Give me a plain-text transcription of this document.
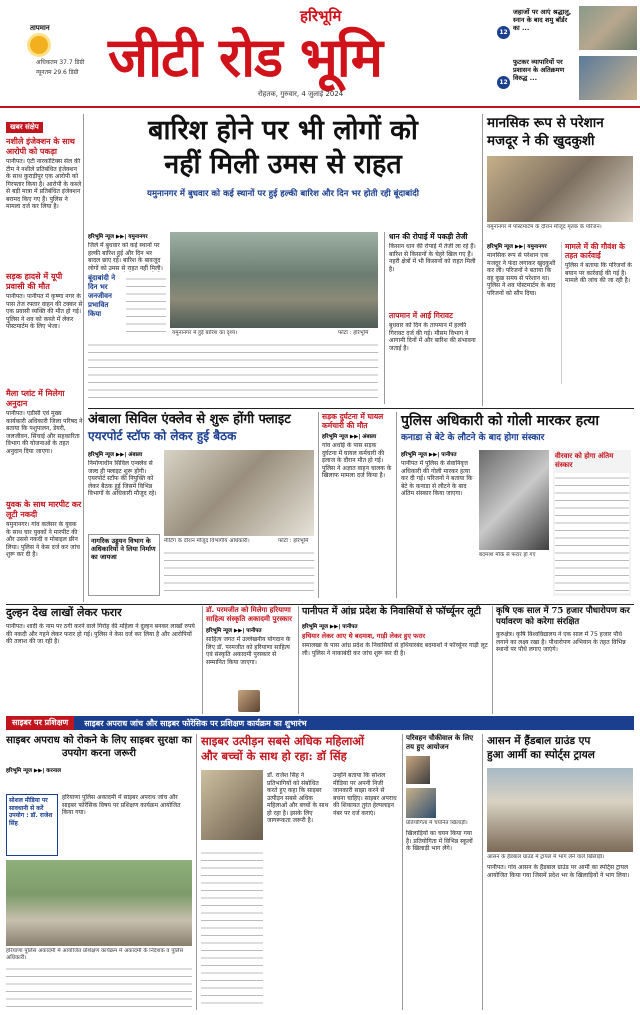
तापमान
अधिकतम 37.7 डिग्री
न्यूनतम 29.6 डिग्री
हरिभूमि
जीटी रोड भूमि
रोहतक, गुरुवार, 4 जुलाई 2024
12
जहाजों पर आएं श्रद्धालु, स्नान के बाद शमु बॉर्डर का ...
12
फुटकर व्यापारियों पर प्रशासन के अतिक्रमण विरुद्ध ...
खबर संक्षेप
नशीले इंजेक्शन के साथ आरोपी को पकड़ा
पानीपत। एंटी नारकोटिक्स सेल की टीम ने नशीले प्रतिबंधित इंजेक्शन के साथ कुराड़ीपुर एक आरोपी को गिरफ्तार किया है। आरोपी के कब्जे से बड़ी मात्रा में प्रतिबंधित इंजेक्शन बरामद किए गए हैं। पुलिस ने मामला दर्ज कर लिया है।
सड़क हादसे में यूपी प्रवासी की मौत
पानीपत। पानीपत में कृष्णा नगर के पास तेज रफ्तार वाहन की टक्कर से एक प्रवासी व्यक्ति की मौत हो गई। पुलिस ने शव को कब्जे में लेकर पोस्टमार्टम के लिए भेजा।
मैला प्लांट में मिलेगा अनुदान
पानीपत। एडीसी एवं मुख्य कार्यकारी अधिकारी जिला परिषद ने बताया कि पशुपालन, डेयरी, जलजीवन, सिंचाई और सहकारिता विभाग की योजनाओं के तहत अनुदान दिया जाएगा।
युवक के साथ मारपीट कर लूटी नकदी
यमुनानगर। गांव कलेसर के युवक के साथ चार युवकों ने मारपीट की और उससे नकदी व मोबाइल छीन लिया। पुलिस ने केस दर्ज कर जांच शुरू कर दी है।
बारिश होने पर भी लोगों को
नहीं मिली उमस से राहत
यमुनानगर में बुधवार को कई स्थानों पर हुई हल्की बारिश और दिन भर होती रही बूंदाबांदी
हरिभूमि न्यूज ▶▶| यमुनानगर
जिले में बुधवार को कई स्थानों पर हल्की बारिश हुई और दिन भर बादल छाए रहे। बारिश के बावजूद लोगों को उमस से राहत नहीं मिली।
बूंदाबांदी ने दिन भर जनजीवन प्रभावित किया
यमुनानगर में हुई बारिश का दृश्य।	फोटो : हरिभूमि
धान की रोपाई में पकड़ी तेजी
किसान धान की रोपाई में तेजी ला रहे हैं। बारिश से किसानों के चेहरे खिल गए हैं। नहरी क्षेत्रों में भी किसानों को राहत मिली है।
तापमान में आई गिरावट
बुधवार को दिन के तापमान में हल्की गिरावट दर्ज की गई। मौसम विभाग ने आगामी दिनों में और बारिश की संभावना जताई है।
मानसिक रूप से परेशान
मजदूर ने की खुदकुशी
यमुनानगर में पोस्टमार्टम के दौरान मौजूद मृतक के परिजन।
हरिभूमि न्यूज ▶▶| यमुनानगर
मानसिक रूप से परेशान एक मजदूर ने फंदा लगाकर खुदकुशी कर ली। परिजनों ने बताया कि वह कुछ समय से परेशान था। पुलिस ने शव पोस्टमार्टम के बाद परिजनों को सौंप दिया।
मामले में की गौवंश के तहत कार्रवाई
पुलिस ने बताया कि परिजनों के बयान पर कार्रवाई की गई है। मामले की जांच की जा रही है।
अंबाला सिविल एंक्लेव से शुरू होंगी फ्लाइट
एयरपोर्ट स्टॉफ को लेकर हुई बैठक
हरिभूमि न्यूज ▶▶| अंबाला
निर्माणाधीन सिविल एन्क्लेव से जल्द ही फ्लाइट शुरू होंगी। एयरपोर्ट स्टॉफ की नियुक्ति को लेकर बैठक हुई जिसमें विभिन्न विभागों के अधिकारी मौजूद रहे।
नागरिक उड्डयन विभाग के अधिकारियों ने लिया निर्माण का जायजा
मीटिंग के दौरान मौजूद विभागीय अधिकारी।	फोटो : हरिभूमि
सड़क दुर्घटना में घायल कर्मचारी की मौत
हरिभूमि न्यूज ▶▶| अंबाला
गांव अधोई के पास सड़क दुर्घटना में घायल कर्मचारी की इलाज के दौरान मौत हो गई। पुलिस ने अज्ञात वाहन चालक के खिलाफ मामला दर्ज किया है।
पुलिस अधिकारी को गोली मारकर हत्या
कनाडा से बेटे के लौटने के बाद होगा संस्कार
हरिभूमि न्यूज ▶▶| पानीपत
पानीपत में पुलिस के सेवानिवृत्त अधिकारी की गोली मारकर हत्या कर दी गई। परिजनों ने बताया कि बेटे के कनाडा से लौटने के बाद अंतिम संस्कार किया जाएगा।
बदमाश मौके से फरार हो गए
वीरवार को होगा अंतिम संस्कार
दुल्हन देख लाखों लेकर फरार
पानीपत। शादी के नाम पर ठगी करने वाले गिरोह की महिला ने दुल्हन बनकर लाखों रुपये की नकदी और गहने लेकर फरार हो गई। पुलिस ने केस दर्ज कर लिया है और आरोपियों की तलाश की जा रही है।
डॉ. परमजीत को मिलेगा हरियाणा
साहित्य संस्कृति अकादमी पुरस्कार
हरिभूमि न्यूज ▶▶| पानीपत
साहित्य जगत में उल्लेखनीय योगदान के लिए डॉ. परमजीत को हरियाणा साहित्य एवं संस्कृति अकादमी पुरस्कार से सम्मानित किया जाएगा।
पानीपत में आंध्र प्रदेश के निवासियों से फॉर्च्यूनर लूटी
हरिभूमि न्यूज ▶▶| पानीपत
हथियार लेकर आए थे बदमाश, गाड़ी लेकर हुए फरार
समालखा के पास आंध्र प्रदेश के निवासियों से हथियारबंद बदमाशों ने फॉर्च्यूनर गाड़ी लूट ली। पुलिस ने नाकाबंदी कर जांच शुरू कर दी है।
कृषि एक साल में 75 हजार पौधारोपण कर पर्यावरण को करेगा संरक्षित
कुरुक्षेत्र। कृषि विश्वविद्यालय ने एक साल में 75 हजार पौधे लगाने का लक्ष्य रखा है। पौधारोपण अभियान के तहत विभिन्न स्थानों पर पौधे लगाए जाएंगे।
साइबर पर प्रशिक्षण	साइबर अपराध जांच और साइबर फोरेंसिक पर प्रशिक्षण कार्यक्रम का शुभारंभ
साइबर अपराध को रोकने के लिए साइबर सुरक्षा का उपयोग करना जरूरी
हरिभूमि न्यूज ▶▶| करनाल
सोशल मीडिया पर सावधानी से करें उपयोग : डॉ. राजेश सिंह
हरियाणा पुलिस अकादमी में साइबर अपराध जांच और साइबर फोरेंसिक विषय पर प्रशिक्षण कार्यक्रम आयोजित किया गया।
हरियाणा पुलिस अकादमी में आयोजित प्रशिक्षण कार्यक्रम में अकादमी के निदेशक व पुलिस अधिकारी।
साइबर उत्पीड़न सबसे अधिक महिलाओं
और बच्चों के साथ हो रहा: डॉ सिंह
डॉ. राजेश सिंह ने प्रतिभागियों को संबोधित करते हुए कहा कि साइबर उत्पीड़न सबसे अधिक महिलाओं और बच्चों के साथ हो रहा है। इसके लिए जागरूकता जरूरी है।
उन्होंने बताया कि सोशल मीडिया पर अपनी निजी जानकारी साझा करने से बचना चाहिए। साइबर अपराध की शिकायत तुरंत हेल्पलाइन नंबर पर दर्ज कराएं।
परिवहन चौकीवाल के लिए तय हुए आयोजन
प्रतियोगिता में चयनित खिलाड़ी।
खिलाड़ियों का चयन किया गया है। प्रतियोगिता में विभिन्न स्कूलों के खिलाड़ी भाग लेंगे।
आसन में हैंडबाल ग्राउंड एप
हुआ आर्मी का स्पोर्ट्स ट्रायल
आसन के हैंडबाल ग्राउंड में ट्रायल में भाग लेने वाले खिलाड़ी।
पानीपत। गांव आसन के हैंडबाल ग्राउंड पर आर्मी का स्पोर्ट्स ट्रायल आयोजित किया गया जिसमें प्रदेश भर के खिलाड़ियों ने भाग लिया।
